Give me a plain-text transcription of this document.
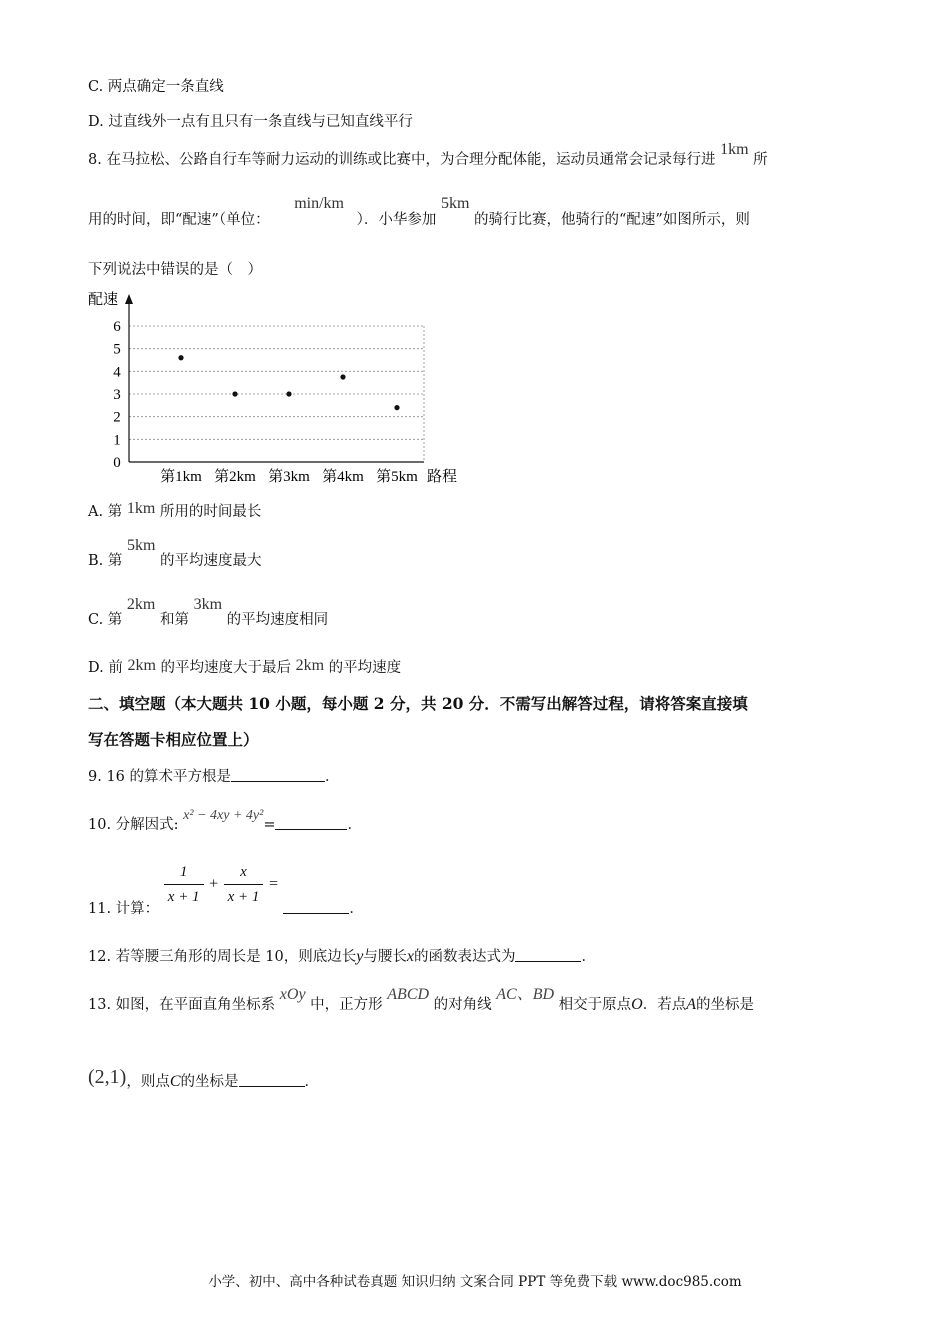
C. 两点确定一条直线
D. 过直线外一点有且只有一条直线与已知直线平行
8. 在马拉松、公路自行车等耐力运动的训练或比赛中，为合理分配体能，运动员通常会记录每行进 1km 所
用的时间，即“配速”（单位： min/km ）．小华参加 5km 的骑行比赛，他骑行的“配速”如图所示，则
下列说法中错误的是（　）
0
1
2
3
4
5
6
第1km 第2km 第3km 第4km 第5km
配速
路程
A. 第 1km 所用的时间最长
B. 第 5km 的平均速度最大
C. 第 2km 和第 3km 的平均速度相同
D. 前 2km 的平均速度大于最后 2km 的平均速度
二、填空题（本大题共 10 小题，每小题 2 分，共 20 分．不需写出解答过程，请将答案直接填
写在答题卡相应位置上）
9. 16 的算术平方根是	．
10. 分解因式: x² − 4xy + 4y²=	．
11. 计算：
$\frac{1}{x + 1} + \frac{x}{x + 1}$ = ．
12. 若等腰三角形的周长是 10，则底边长y与腰长x的函数表达式为	．
13. 如图，在平面直角坐标系 xOy 中，正方形 ABCD 的对角线 AC、BD 相交于原点O．若点A的坐标是
(2,1)，则点C的坐标是	．
小学、初中、高中各种试卷真题 知识归纳 文案合同 PPT 等免费下载 www.doc985.com
